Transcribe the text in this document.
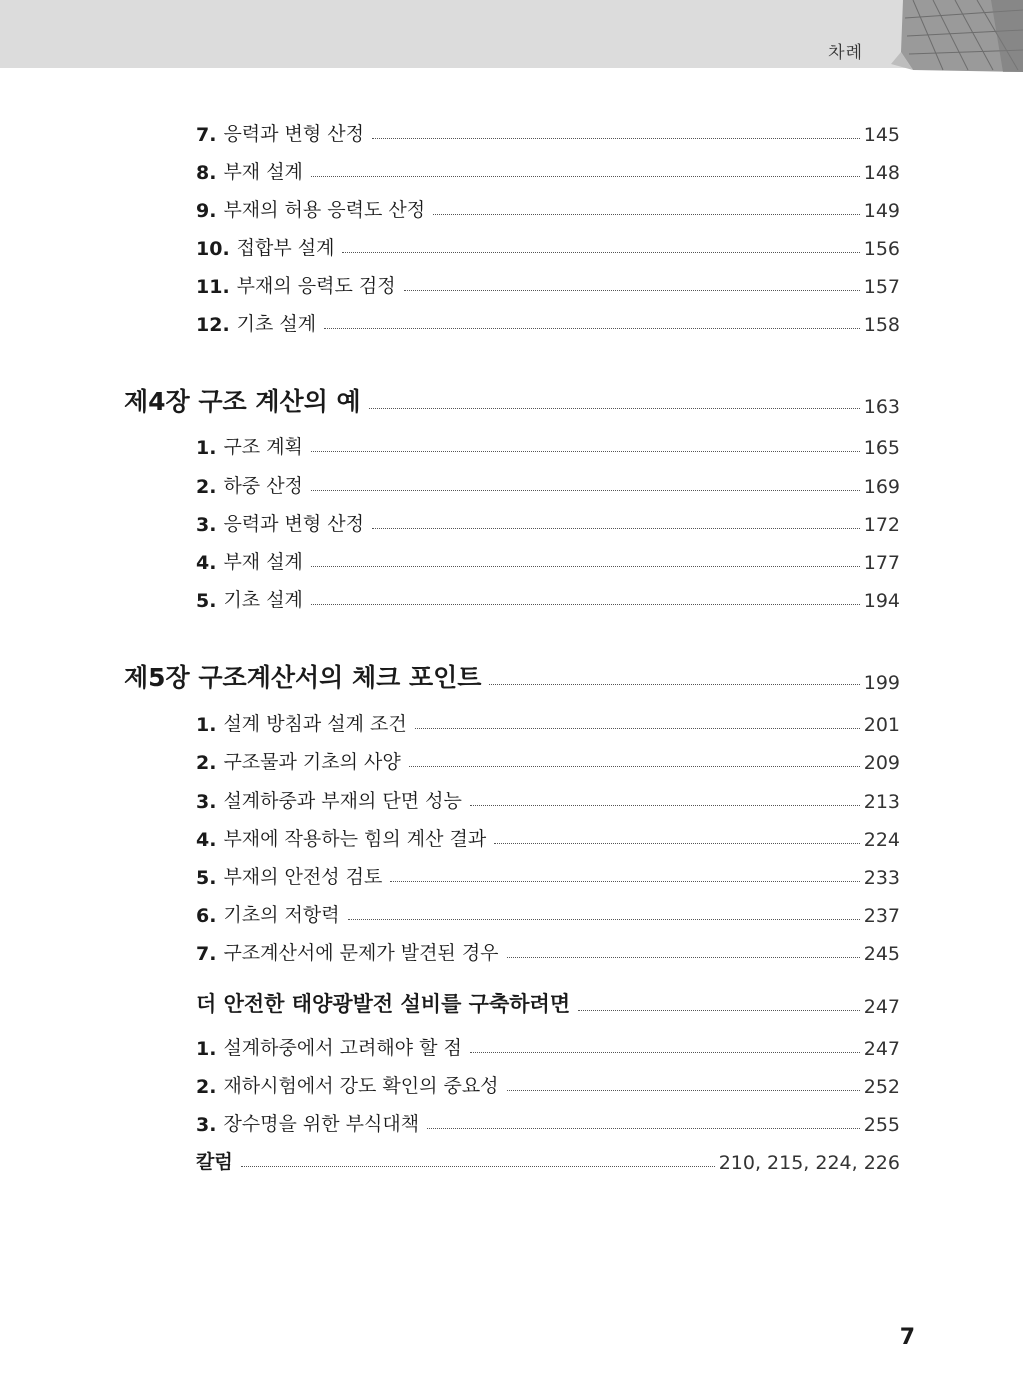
차례
7. 응력과 변형 산정	145
8. 부재 설계	148
9. 부재의 허용 응력도 산정	149
10. 접합부 설계	156
11. 부재의 응력도 검정	157
12. 기초 설계	158
제4장 구조 계산의 예	163
1. 구조 계획	165
2. 하중 산정	169
3. 응력과 변형 산정	172
4. 부재 설계	177
5. 기초 설계	194
제5장 구조계산서의 체크 포인트	199
1. 설계 방침과 설계 조건	201
2. 구조물과 기초의 사양	209
3. 설계하중과 부재의 단면 성능	213
4. 부재에 작용하는 힘의 계산 결과	224
5. 부재의 안전성 검토	233
6. 기초의 저항력	237
7. 구조계산서에 문제가 발견된 경우	245
더 안전한 태양광발전 설비를 구축하려면	247
1. 설계하중에서 고려해야 할 점	247
2. 재하시험에서 강도 확인의 중요성	252
3. 장수명을 위한 부식대책	255
칼럼	210, 215, 224, 226
7
